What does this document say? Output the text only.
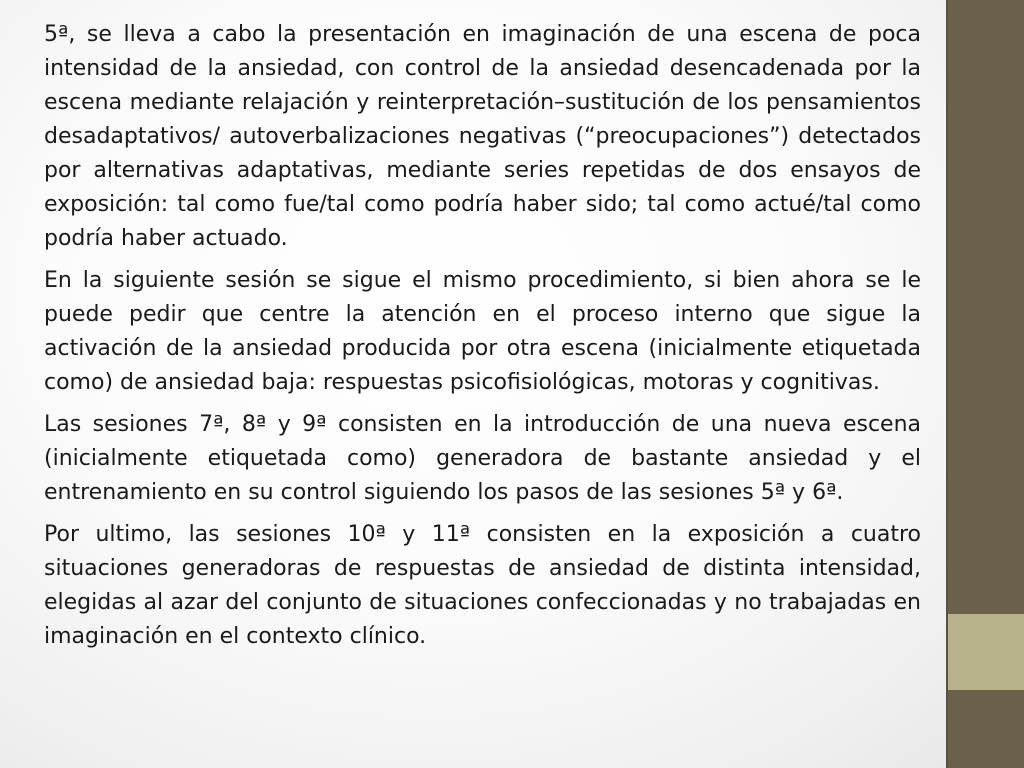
5ª, se lleva a cabo la presentación en imaginación de una escena de poca intensidad de la ansiedad, con control de la ansiedad desencadenada por la escena mediante relajación y reinterpretación–sustitución de los pensamientos desadaptativos/ autoverbalizaciones negativas (“preocupaciones”) detectados por alternativas adaptativas, mediante series repetidas de dos ensayos de exposición: tal como fue/tal como podría haber sido; tal como actué/tal como podría haber actuado.

En la siguiente sesión se sigue el mismo procedimiento, si bien ahora se le puede pedir que centre la atención en el proceso interno que sigue la activación de la ansiedad producida por otra escena (inicialmente etiquetada como) de ansiedad baja: respuestas psicofisiológicas, motoras y cognitivas.

Las sesiones 7ª, 8ª y 9ª consisten en la introducción de una nueva escena (inicialmente etiquetada como) generadora de bastante ansiedad y el entrenamiento en su control siguiendo los pasos de las sesiones 5ª y 6ª.

Por ultimo, las sesiones 10ª y 11ª consisten en la exposición a cuatro situaciones generadoras de respuestas de ansiedad de distinta intensidad, elegidas al azar del conjunto de situaciones confeccionadas y no trabajadas en imaginación en el contexto clínico.
